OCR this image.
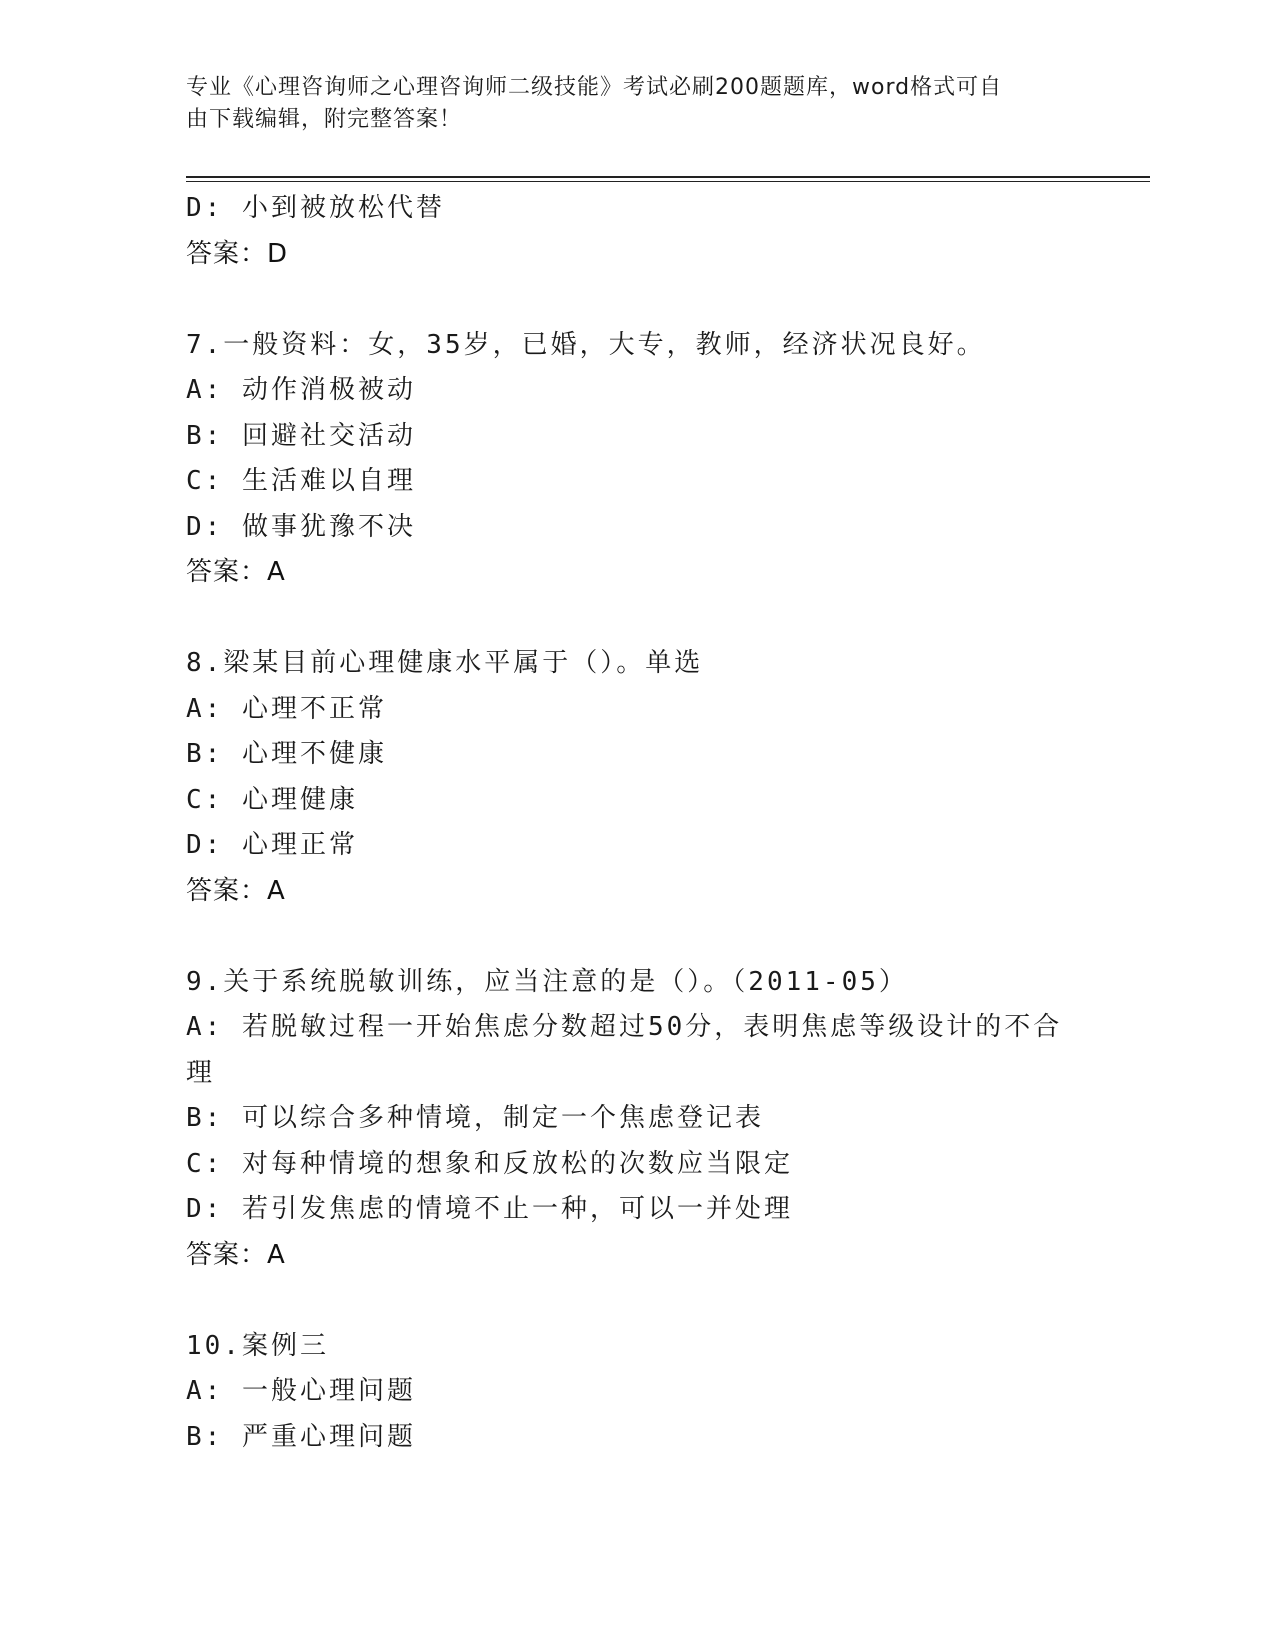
专业《心理咨询师之心理咨询师二级技能》考试必刷200题题库，word格式可自
由下载编辑，附完整答案！
D: 小到被放松代替
答案：D
7.一般资料：女，35岁，已婚，大专，教师，经济状况良好。
A: 动作消极被动
B: 回避社交活动
C: 生活难以自理
D: 做事犹豫不决
答案：A
8.梁某目前心理健康水平属于（）。单选
A: 心理不正常
B: 心理不健康
C: 心理健康
D: 心理正常
答案：A
9.关于系统脱敏训练，应当注意的是（）。（2011-05）
A: 若脱敏过程一开始焦虑分数超过50分，表明焦虑等级设计的不合
理
B: 可以综合多种情境，制定一个焦虑登记表
C: 对每种情境的想象和反放松的次数应当限定
D: 若引发焦虑的情境不止一种，可以一并处理
答案：A
10.案例三
A: 一般心理问题
B: 严重心理问题
